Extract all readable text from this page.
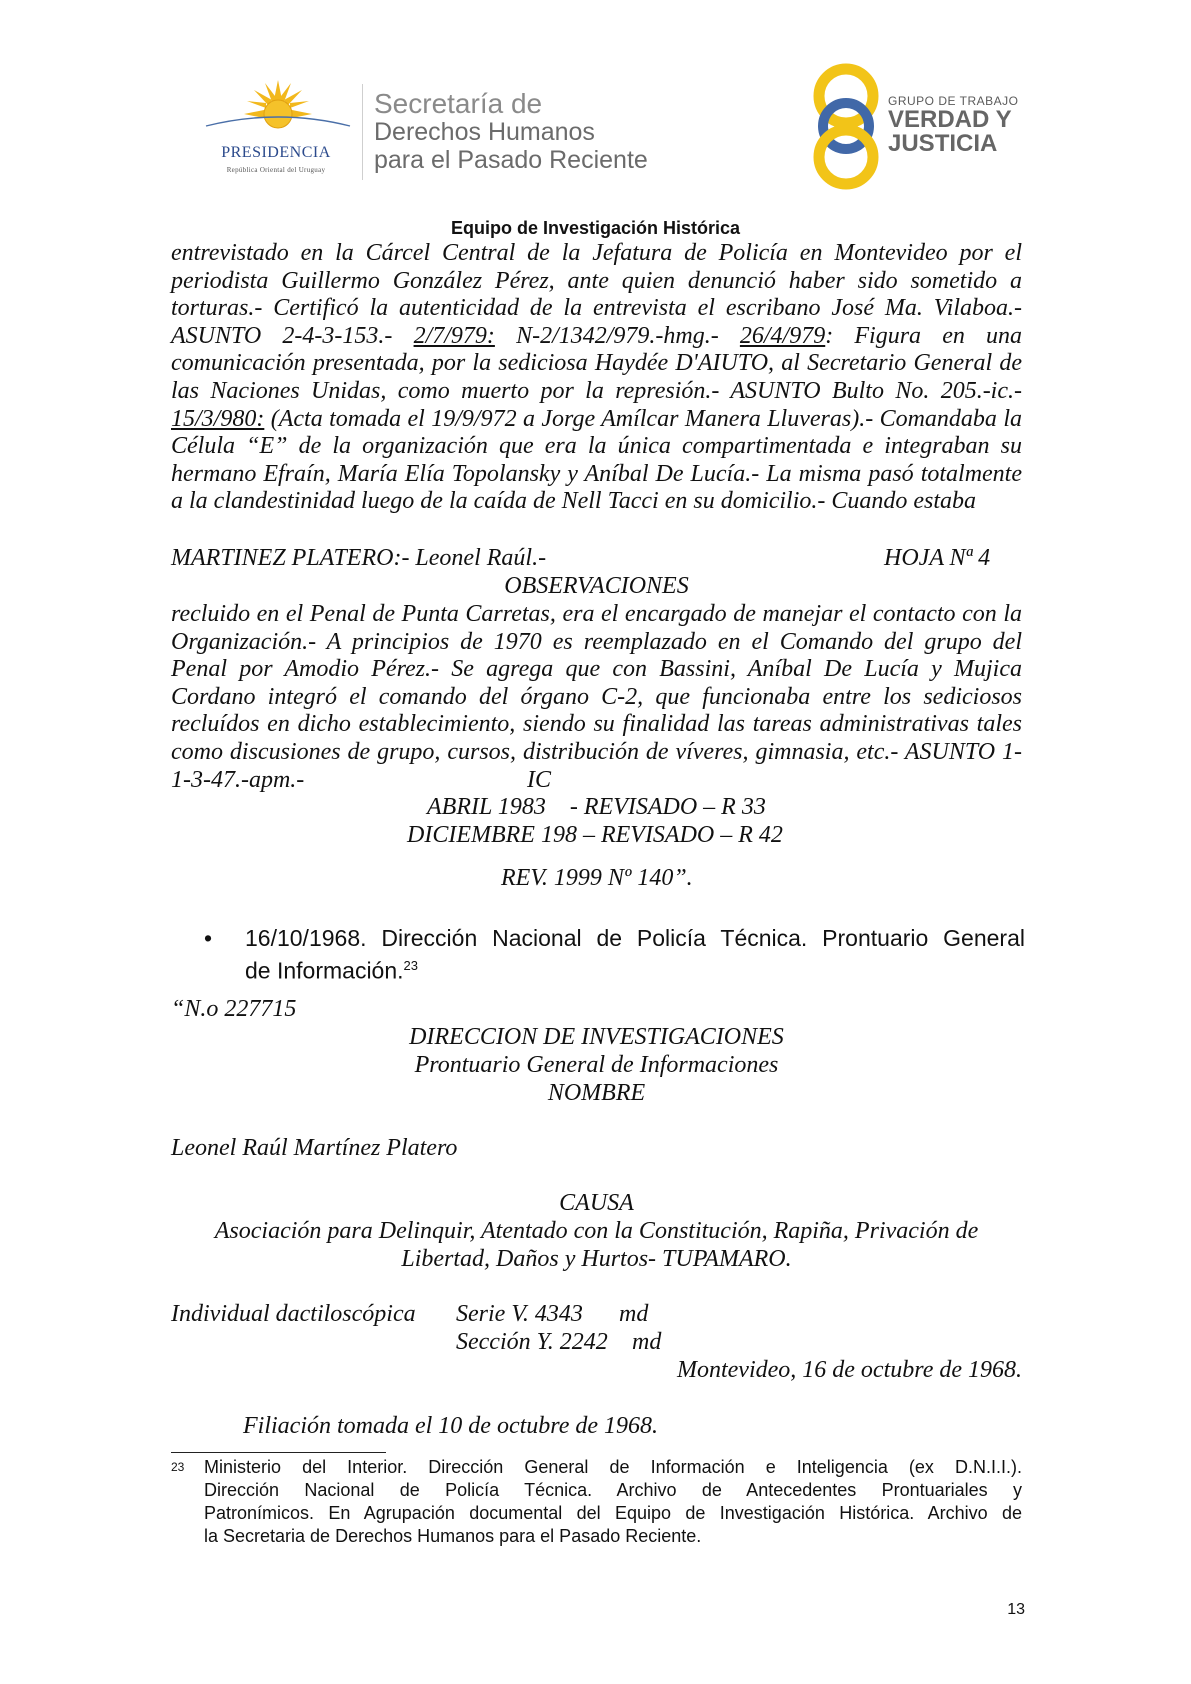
PRESIDENCIA
República Oriental del Uruguay
Secretaría de
Derechos Humanos
para el Pasado Reciente
GRUPO DE TRABAJO
VERDAD Y
JUSTICIA
Equipo de Investigación Histórica
entrevistado en la Cárcel Central de la Jefatura de Policía en Montevideo por el
periodista Guillermo González Pérez, ante quien denunció haber sido sometido a
torturas.- Certificó la autenticidad de la entrevista el escribano José Ma. Vilaboa.-
ASUNTO 2-4-3-153.- 2/7/979: N-2/1342/979.-hmg.- 26/4/979: Figura en una
comunicación presentada, por la sediciosa Haydée D'AIUTO, al Secretario General de
las Naciones Unidas, como muerto por la represión.- ASUNTO Bulto No. 205.-ic.-
15/3/980: (Acta tomada el 19/9/972 a Jorge Amílcar Manera Lluveras).- Comandaba la
Célula “E” de la organización que era la única compartimentada e integraban su
hermano Efraín, María Elía Topolansky y Aníbal De Lucía.- La misma pasó totalmente
a la clandestinidad luego de la caída de Nell Tacci en su domicilio.- Cuando estaba
MARTINEZ PLATERO:- Leonel Raúl.-	HOJA Nª 4
OBSERVACIONES
recluido en el Penal de Punta Carretas, era el encargado de manejar el contacto con la
Organización.- A principios de 1970 es reemplazado en el Comando del grupo del
Penal por Amodio Pérez.- Se agrega que con Bassini, Aníbal De Lucía y Mujica
Cordano integró el comando del órgano C-2, que funcionaba entre los sediciosos
recluídos en dicho establecimiento, siendo su finalidad las tareas administrativas tales
como discusiones de grupo, cursos, distribución de víveres, gimnasia, etc.- ASUNTO 1-
1-3-47.-apm.-	IC
ABRIL 1983    - REVISADO – R 33
DICIEMBRE 198 – REVISADO – R 42
REV. 1999 Nº 140”.
• 16/10/1968. Dirección Nacional de Policía Técnica. Prontuario General
de Información.$^{23}$
“N.o 227715
DIRECCION DE INVESTIGACIONES
Prontuario General de Informaciones
NOMBRE
Leonel Raúl Martínez Platero
CAUSA
Asociación para Delinquir, Atentado con la Constitución, Rapiña, Privación de
Libertad, Daños y Hurtos- TUPAMARO.
Individual dactiloscópica Serie V. 4343 md
Sección Y. 2242 md
Montevideo, 16 de octubre de 1968.
Filiación tomada el 10 de octubre de 1968.
23 Ministerio del Interior. Dirección General de Información e Inteligencia (ex D.N.I.I.).
Dirección Nacional de Policía Técnica. Archivo de Antecedentes Prontuariales y
Patronímicos. En Agrupación documental del Equipo de Investigación Histórica. Archivo de
la Secretaria de Derechos Humanos para el Pasado Reciente.
13
